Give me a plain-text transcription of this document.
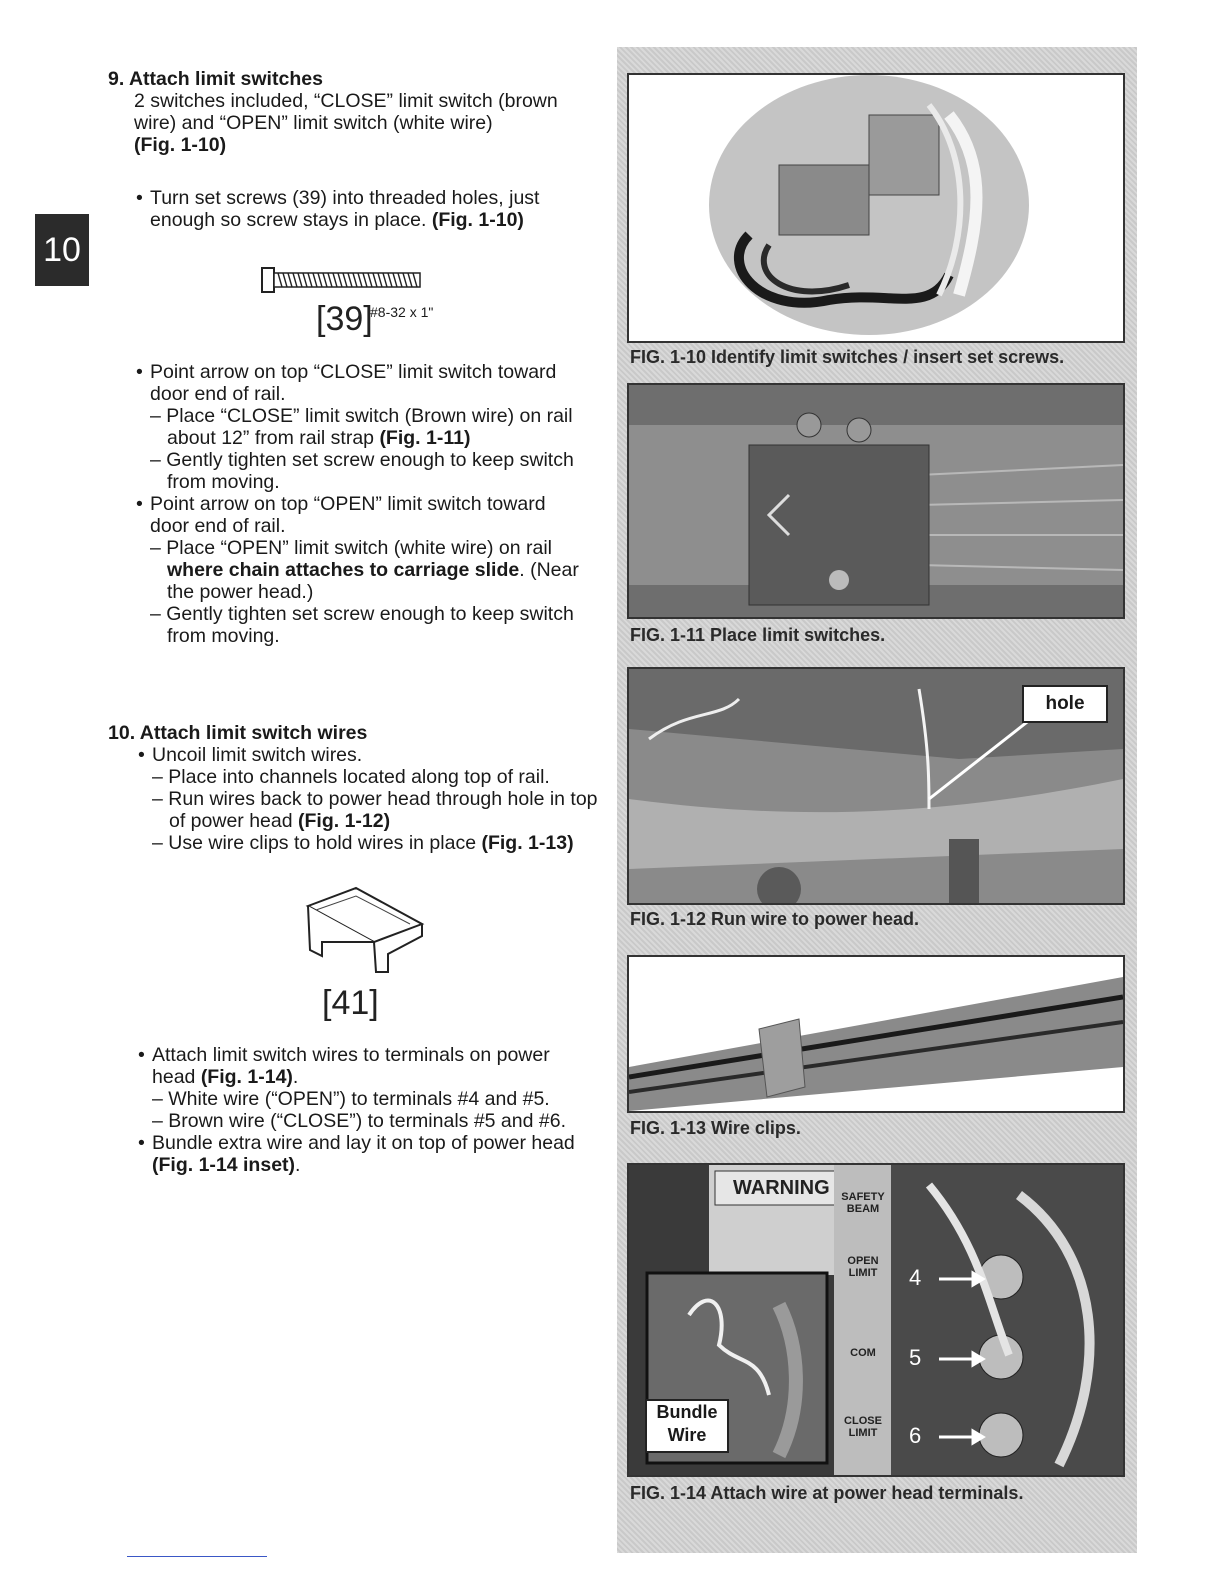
10
9. Attach limit switches
2 switches included, “CLOSE” limit switch (brown
wire) and “OPEN” limit switch (white wire)
(Fig. 1-10)
• Turn set screws (39) into threaded holes, just
enough so screw stays in place. (Fig. 1-10)
[39]
#8-32 x 1"
• Point arrow on top “CLOSE” limit switch toward
door end of rail.
– Place “CLOSE” limit switch (Brown wire) on rail
about 12” from rail strap (Fig. 1-11)
– Gently tighten set screw enough to keep switch
from moving.
• Point arrow on top “OPEN” limit switch toward
door end of rail.
– Place “OPEN” limit switch (white wire) on rail
where chain attaches to carriage slide. (Near
the power head.)
– Gently tighten set screw enough to keep switch
from moving.
10. Attach limit switch wires
• Uncoil limit switch wires.
– Place into channels located along top of rail.
– Run wires back to power head through hole in top
of power head (Fig. 1-12)
– Use wire clips to hold wires in place (Fig. 1-13)
[41]
• Attach limit switch wires to terminals on power
head (Fig. 1-14).
– White wire (“OPEN”) to terminals #4 and #5.
– Brown wire (“CLOSE”) to terminals #5 and #6.
• Bundle extra wire and lay it on top of power head
(Fig. 1-14 inset).
FIG. 1-10 Identify limit switches / insert set screws.
FIG. 1-11 Place limit switches.
hole
FIG. 1-12 Run wire to power head.
FIG. 1-13 Wire clips.
WARNING	SAFETY BEAM
OPEN LIMIT
COM
CLOSE LIMIT
4
5
6
Bundle
Wire
FIG. 1-14 Attach wire at power head terminals.
